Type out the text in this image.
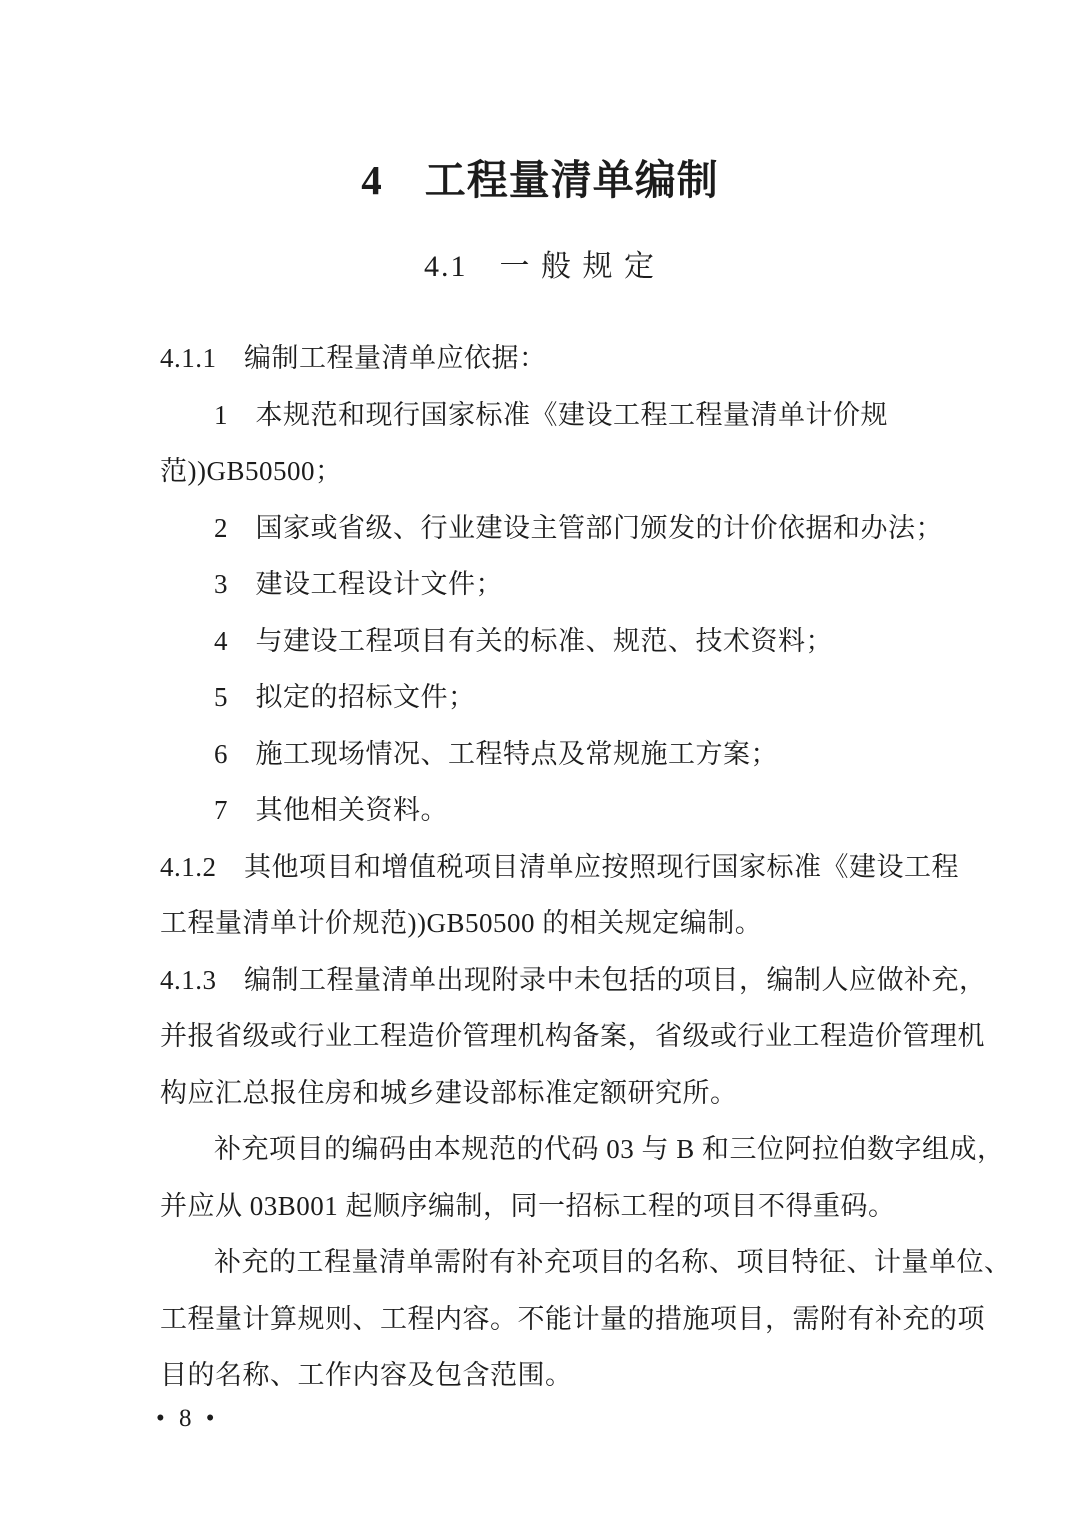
4　工程量清单编制
4.1　一 般 规 定
4.1.1　编制工程量清单应依据：
1　本规范和现行国家标准《建设工程工程量清单计价规
范))GB50500；
2　国家或省级、行业建设主管部门颁发的计价依据和办法；
3　建设工程设计文件；
4　与建设工程项目有关的标准、规范、技术资料；
5　拟定的招标文件；
6　施工现场情况、工程特点及常规施工方案；
7　其他相关资料。
4.1.2　其他项目和增值税项目清单应按照现行国家标准《建设工程
工程量清单计价规范))GB50500 的相关规定编制。
4.1.3　编制工程量清单出现附录中未包括的项目，编制人应做补充，
并报省级或行业工程造价管理机构备案，省级或行业工程造价管理机
构应汇总报住房和城乡建设部标准定额研究所。
补充项目的编码由本规范的代码 03 与 B 和三位阿拉伯数字组成，
并应从 03B001 起顺序编制，同一招标工程的项目不得重码。
补充的工程量清单需附有补充项目的名称、项目特征、计量单位、
工程量计算规则、工程内容。不能计量的措施项目，需附有补充的项
目的名称、工作内容及包含范围。
• 8 •
